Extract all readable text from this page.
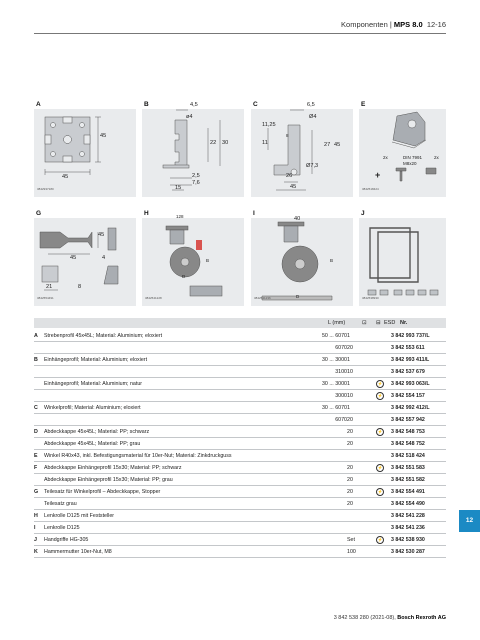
Komponenten | MPS 8.0 12-16
A	B	C	E
G	H	I	J
3842937180	3842518424
3842554491	3842541228	3842541236	3842538930
45
45
4,5
ø4
22 30
2,5
7,6
15
6,5
Ø4
11,25
11
8
27 45
Ø7,3
26
45
2x	DIN 7991
M8x20
2x
+
45
45
4
21	8
128
D
B
40
D
B
L (mm)	⊡ ⊟ ESD Nr.
A	Strebenprofil 45x45L; Material: Aluminium; eloxiert	50 ... 6070	1		3 842 993 737/L
		6070	20		3 842 553 611
B	Einhängeprofil; Material: Aluminium; eloxiert	30 ... 3000	1		3 842 993 411/L
		3100	10		3 842 537 679
	Einhängeprofil; Material: Aluminium; natur	30 ... 3000	1	⚡	3 842 993 063/L
		3000	10	⚡	3 842 554 157
C	Winkelprofil; Material: Aluminium; eloxiert	30 ... 6070	1		3 842 992 412/L
		6070	20		3 842 557 942
D	Abdeckkappe 45x45L; Material: PP; schwarz		20	⚡	3 842 548 753
	Abdeckkappe 45x45L; Material: PP; grau		20		3 842 548 752
E	Winkel R40x43, inkl. Befestigungsmaterial für 10er-Nut; Material: Zinkdruckguss				3 842 518 424
F	Abdeckkappe Einhängeprofil 15x30; Material: PP; schwarz		20	⚡	3 842 551 583
	Abdeckkappe Einhängeprofil 15x30; Material: PP; grau		20		3 842 551 582
G	Teilesatz für Winkelprofil – Abdeckkappe, Stopper		20	⚡	3 842 554 491
	Teilesatz grau		20		3 842 554 490
H	Lenkrolle D125 mit Feststeller				3 842 541 228
I	Lenkrolle D125				3 842 541 236
J	Handgriffe HG-305		Set	⚡	3 842 538 930
K	Hammermutter 10er-Nut, M8		100		3 842 530 287
12
3 842 538 280 (2021-08), Bosch Rexroth AG
